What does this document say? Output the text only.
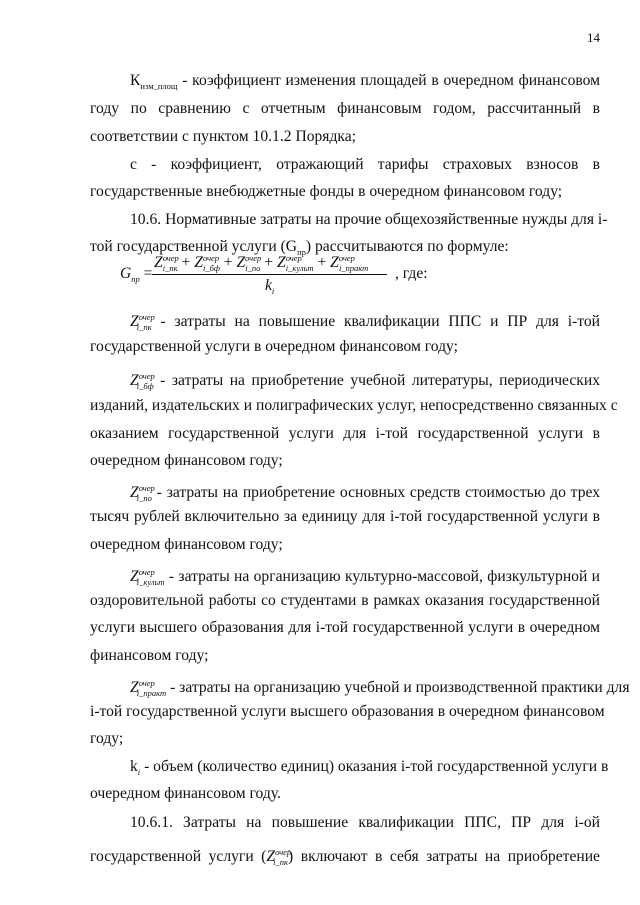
14
$К_{изм\_площ}$ - коэффициент изменения площадей в очередном финансовом
году по сравнению с отчетным финансовым годом, рассчитанный в
соответствии с пунктом 10.1.2 Порядка;
с - коэффициент, отражающий тарифы страховых взносов в
государственные внебюджетные фонды в очередном финансовом году;
10.6. Нормативные затраты на прочие общехозяйственные нужды для i-
той государственной услуги $(G_{пр})$ рассчитываются по формуле:
$G_{пр}$ =
$Z^{очер}_{i\_пк} + Z^{очер}_{i\_бф} + Z^{очер}_{i\_по} + Z^{очер}_{i\_культ} + Z^{очер}_{i\_практ}$
$k_i$
, где:
$Z^{очер}_{i\_пк}$ - затраты на повышение квалификации ППС и ПР для i-той
государственной услуги в очередном финансовом году;
$Z^{очер}_{i\_бф}$ - затраты на приобретение учебной литературы, периодических
изданий, издательских и полиграфических услуг, непосредственно связанных с
оказанием государственной услуги для i-той государственной услуги в
очередном финансовом году;
$Z^{очер}_{i\_по}$ - затраты на приобретение основных средств стоимостью до трех
тысяч рублей включительно за единицу для i-той государственной услуги в
очередном финансовом году;
$Z^{очер}_{i\_культ}$ - затраты на организацию культурно-массовой, физкультурной и
оздоровительной работы со студентами в рамках оказания государственной
услуги высшего образования для i-той государственной услуги в очередном
финансовом году;
$Z^{очер}_{i\_практ}$ - затраты на организацию учебной и производственной практики для
i-той государственной услуги высшего образования в очередном финансовом
году;
$k_i$ - объем (количество единиц) оказания i-той государственной услуги в
очередном финансовом году.
10.6.1. Затраты на повышение квалификации ППС, ПР для i-ой
государственной услуги $(Z^{очер}_{i\_пк})$ включают в себя затраты на приобретение
